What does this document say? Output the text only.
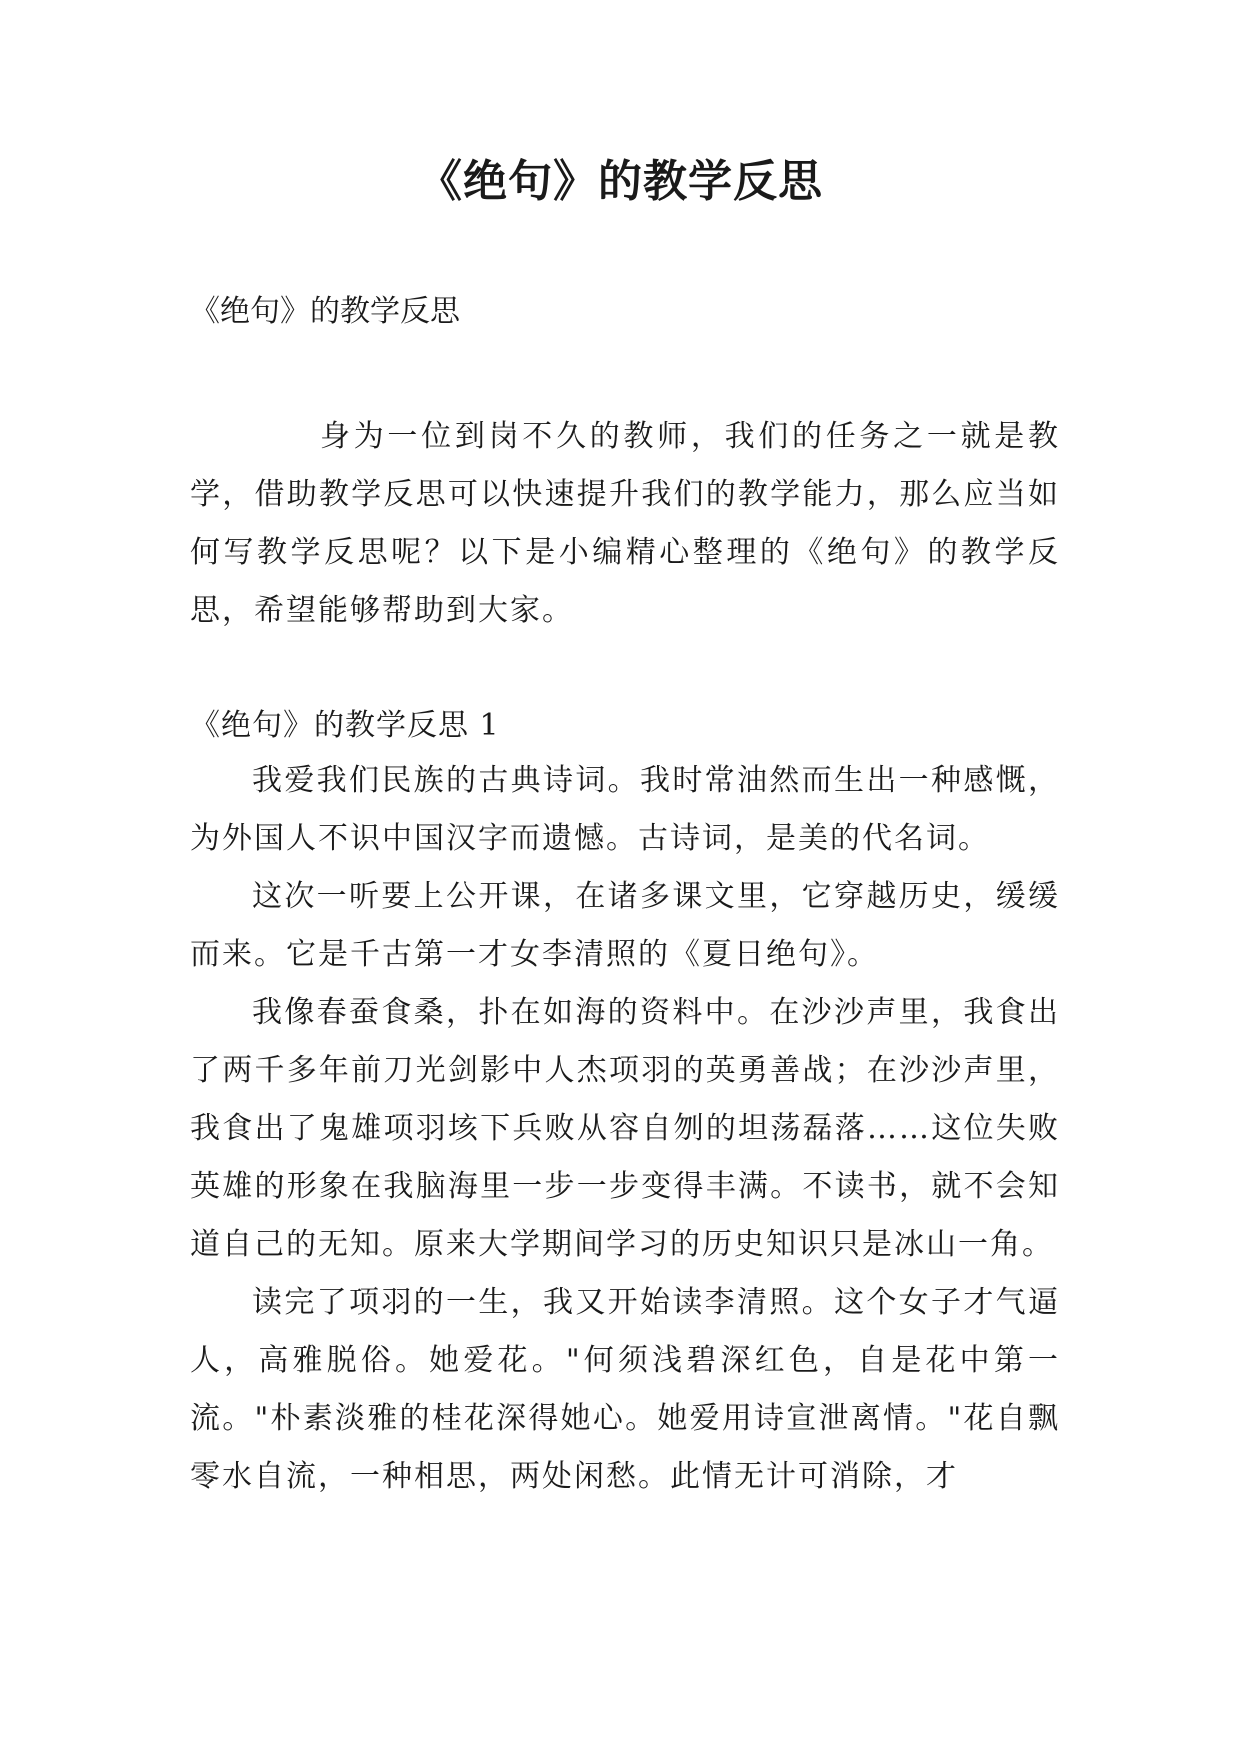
《绝句》的教学反思
《绝句》的教学反思
身为一位到岗不久的教师，我们的任务之一就是教学，借助教学反思可以快速提升我们的教学能力，那么应当如何写教学反思呢？以下是小编精心整理的《绝句》的教学反思，希望能够帮助到大家。
《绝句》的教学反思 1

我爱我们民族的古典诗词。我时常油然而生出一种感慨，为外国人不识中国汉字而遗憾。古诗词，是美的代名词。

这次一听要上公开课，在诸多课文里，它穿越历史，缓缓而来。它是千古第一才女李清照的《夏日绝句》。

我像春蚕食桑，扑在如海的资料中。在沙沙声里，我食出了两千多年前刀光剑影中人杰项羽的英勇善战；在沙沙声里，我食出了鬼雄项羽垓下兵败从容自刎的坦荡磊落……这位失败英雄的形象在我脑海里一步一步变得丰满。不读书，就不会知道自己的无知。原来大学期间学习的历史知识只是冰山一角。

读完了项羽的一生，我又开始读李清照。这个女子才气逼人，高雅脱俗。她爱花。"何须浅碧深红色，自是花中第一流。"朴素淡雅的桂花深得她心。她爱用诗宣泄离情。"花自飘零水自流，一种相思，两处闲愁。此情无计可消除，才
